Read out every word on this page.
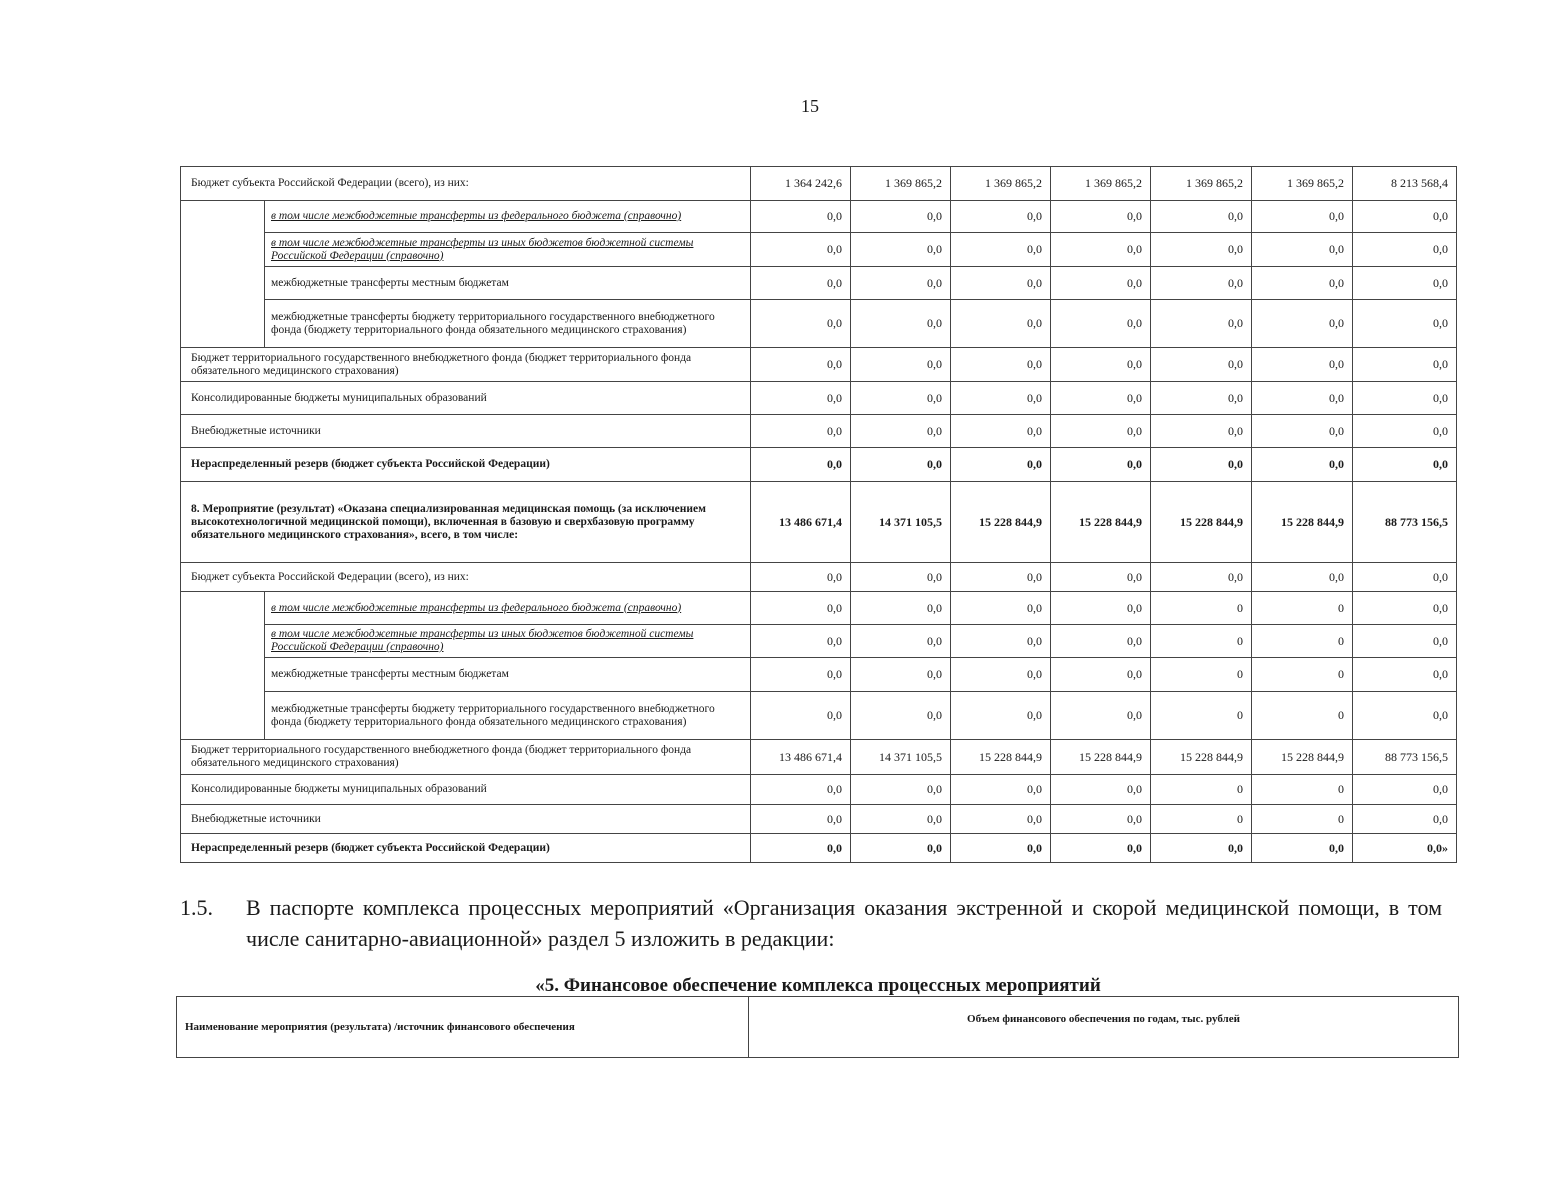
15
Бюджет субъекта Российской Федерации (всего), из них:		1 364 242,6	1 369 865,2	1 369 865,2	1 369 865,2	1 369 865,2	1 369 865,2	8 213 568,4
	в том числе межбюджетные трансферты из федерального бюджета (справочно)	0,0	0,0	0,0	0,0	0,0	0,0	0,0
	в том числе межбюджетные трансферты из иных бюджетов бюджетной системы Российской Федерации (справочно)	0,0	0,0	0,0	0,0	0,0	0,0	0,0
	межбюджетные трансферты местным бюджетам	0,0	0,0	0,0	0,0	0,0	0,0	0,0
	межбюджетные трансферты бюджету территориального государственного внебюджетного фонда (бюджету территориального фонда обязательного медицинского страхования)	0,0	0,0	0,0	0,0	0,0	0,0	0,0
Бюджет территориального государственного внебюджетного фонда (бюджет территориального фонда обязательного медицинского страхования)		0,0	0,0	0,0	0,0	0,0	0,0	0,0
Консолидированные бюджеты муниципальных образований		0,0	0,0	0,0	0,0	0,0	0,0	0,0
Внебюджетные источники		0,0	0,0	0,0	0,0	0,0	0,0	0,0
Нераспределенный резерв (бюджет субъекта Российской Федерации)		0,0	0,0	0,0	0,0	0,0	0,0	0,0
8. Мероприятие (результат) «Оказана специализированная медицинская помощь (за исключением высокотехнологичной медицинской помощи), включенная в базовую и сверхбазовую программу обязательного медицинского страхования», всего, в том числе:		13 486 671,4	14 371 105,5	15 228 844,9	15 228 844,9	15 228 844,9	15 228 844,9	88 773 156,5
Бюджет субъекта Российской Федерации (всего), из них:		0,0	0,0	0,0	0,0	0,0	0,0	0,0
	в том числе межбюджетные трансферты из федерального бюджета (справочно)	0,0	0,0	0,0	0,0	0	0	0,0
	в том числе межбюджетные трансферты из иных бюджетов бюджетной системы Российской Федерации (справочно)	0,0	0,0	0,0	0,0	0	0	0,0
	межбюджетные трансферты местным бюджетам	0,0	0,0	0,0	0,0	0	0	0,0
	межбюджетные трансферты бюджету территориального государственного внебюджетного фонда (бюджету территориального фонда обязательного медицинского страхования)	0,0	0,0	0,0	0,0	0	0	0,0
Бюджет территориального государственного внебюджетного фонда (бюджет территориального фонда обязательного медицинского страхования)		13 486 671,4	14 371 105,5	15 228 844,9	15 228 844,9	15 228 844,9	15 228 844,9	88 773 156,5
Консолидированные бюджеты муниципальных образований		0,0	0,0	0,0	0,0	0	0	0,0
Внебюджетные источники		0,0	0,0	0,0	0,0	0	0	0,0
Нераспределенный резерв (бюджет субъекта Российской Федерации)		0,0	0,0	0,0	0,0	0,0	0,0	0,0»
1.5. В паспорте комплекса процессных мероприятий «Организация оказания экстренной и скорой медицинской помощи, в том числе санитарно-авиационной» раздел 5 изложить в редакции:
«5. Финансовое обеспечение комплекса процессных мероприятий
Наименование мероприятия (результата) /источник финансового обеспечения	Объем финансового обеспечения по годам, тыс. рублей
